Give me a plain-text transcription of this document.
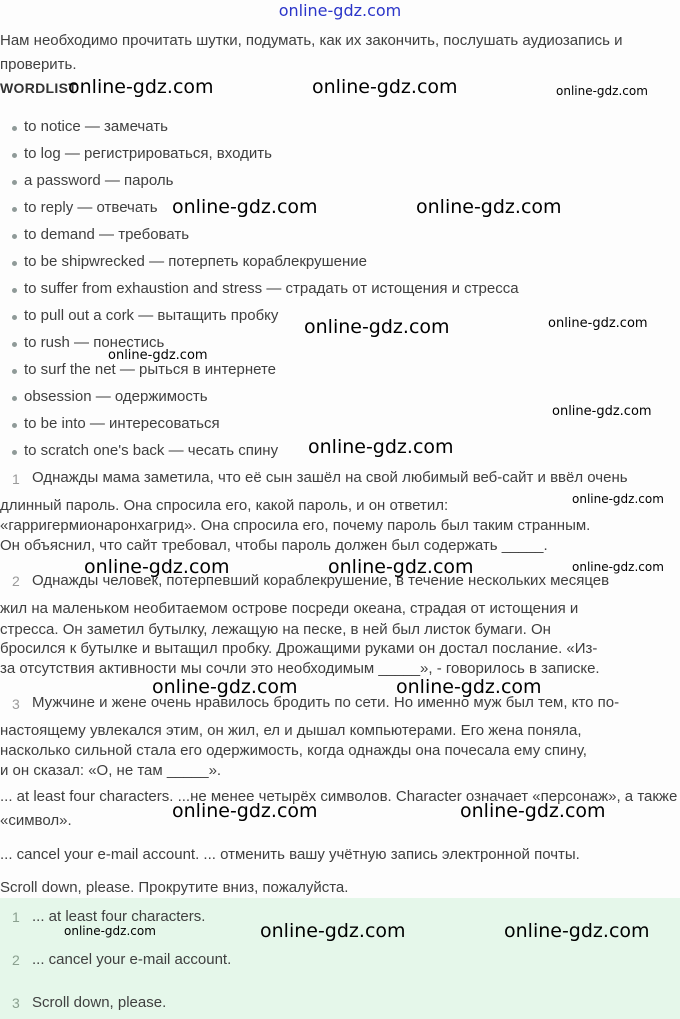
online-gdz.com
Нам необходимо прочитать шутки, подумать, как их закончить, послушать аудиозапись и проверить.
WORDLIST
to notice — замечать
to log — регистрироваться, входить
a password — пароль
to reply — отвечать
to demand — требовать
to be shipwrecked — потерпеть кораблекрушение
to suffer from exhaustion and stress — страдать от истощения и стресса
to pull out a cork — вытащить пробку
to rush — понестись
to surf the net — рыться в интернете
obsession — одержимость
to be into — интересоваться
to scratch one's back — чесать спину
1 Однажды мама заметила, что её сын зашёл на свой любимый веб-сайт и ввёл очень
длинный пароль. Она спросила его, какой пароль, и он ответил:
«гарригермионаронхагрид». Она спросила его, почему пароль был таким странным.
Он объяснил, что сайт требовал, чтобы пароль должен был содержать _____.
2 Однажды человек, потерпевший кораблекрушение, в течение нескольких месяцев
жил на маленьком необитаемом острове посреди океана, страдая от истощения и
стресса. Он заметил бутылку, лежащую на песке, в ней был листок бумаги. Он
бросился к бутылке и вытащил пробку. Дрожащими руками он достал послание. «Из-
за отсутствия активности мы сочли это необходимым _____», - говорилось в записке.
3 Мужчине и жене очень нравилось бродить по сети. Но именно муж был тем, кто по-
настоящему увлекался этим, он жил, ел и дышал компьютерами. Его жена поняла,
насколько сильной стала его одержимость, когда однажды она почесала ему спину,
и он сказал: «О, не там _____».
... at least four characters. ...не менее четырёх символов. Character означает «персонаж», а также «символ».
... cancel your e-mail account. ... отменить вашу учётную запись электронной почты.
Scroll down, please. Прокрутите вниз, пожалуйста.
1 ... at least four characters.
2 ... cancel your e-mail account.
3 Scroll down, please.
online-gdz.com	online-gdz.com	online-gdz.com
online-gdz.com	online-gdz.com
online-gdz.com	online-gdz.com
online-gdz.com
online-gdz.com
online-gdz.com
online-gdz.com
online-gdz.com	online-gdz.com	online-gdz.com
online-gdz.com	online-gdz.com
online-gdz.com	online-gdz.com
online-gdz.com	online-gdz.com	online-gdz.com
